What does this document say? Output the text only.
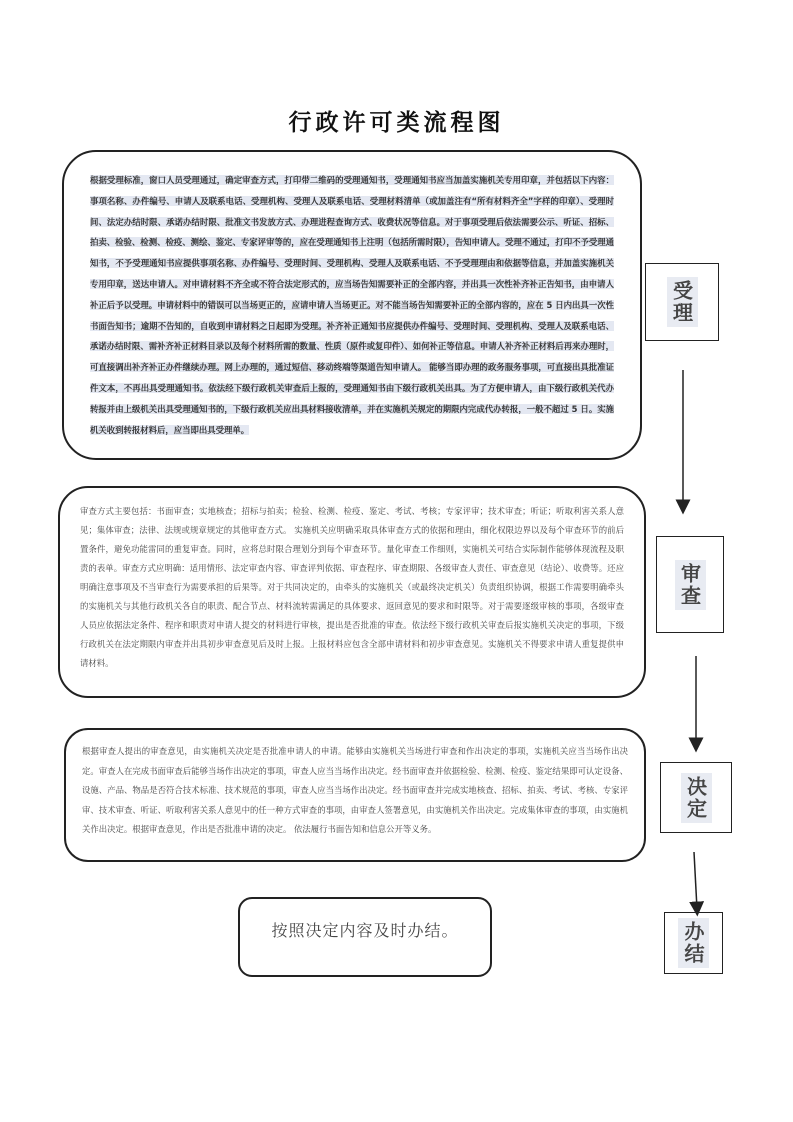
行政许可类流程图
根据受理标准，窗口人员受理通过，确定审查方式，打印带二维码的受理通知书，受理通知书应当加盖实施机关专用印章，并包括以下内容：事项名称、办件编号、申请人及联系电话、受理机构、受理人及联系电话、受理材料清单（或加盖注有“所有材料齐全”字样的印章）、受理时间、法定办结时限、承诺办结时限、批准文书发放方式、办理进程查询方式、收费状况等信息。对于事项受理后依法需要公示、听证、招标、拍卖、检验、检测、检疫、测绘、鉴定、专家评审等的，应在受理通知书上注明（包括所需时限），告知申请人。受理不通过，打印不予受理通知书，不予受理通知书应提供事项名称、办件编号、受理时间、受理机构、受理人及联系电话、不予受理理由和依据等信息，并加盖实施机关专用印章，送达申请人。对申请材料不齐全或不符合法定形式的，应当场告知需要补正的全部内容，并出具一次性补齐补正告知书，由申请人补正后予以受理。申请材料中的错误可以当场更正的，应请申请人当场更正。对不能当场告知需要补正的全部内容的，应在 5 日内出具一次性书面告知书；逾期不告知的，自收到申请材料之日起即为受理。补齐补正通知书应提供办件编号、受理时间、受理机构、受理人及联系电话、承诺办结时限、需补齐补正材料目录以及每个材料所需的数量、性质（原件或复印件）、如何补正等信息。申请人补齐补正材料后再来办理时，可直接调出补齐补正办件继续办理。网上办理的，通过短信、移动终端等渠道告知申请人。 能够当即办理的政务服务事项，可直接出具批准证件文本，不再出具受理通知书。依法经下级行政机关审查后上报的，受理通知书由下级行政机关出具。为了方便申请人，由下级行政机关代办转报并由上级机关出具受理通知书的，下级行政机关应出具材料接收清单，并在实施机关规定的期限内完成代办转报，一般不超过 5 日。实施机关收到转报材料后，应当即出具受理单。
审查方式主要包括：书面审查；实地核查；招标与拍卖；检验、检测、检疫、鉴定、考试、考核；专家评审；技术审查；听证；听取利害关系人意见；集体审查；法律、法规或规章规定的其他审查方式。 实施机关应明确采取具体审查方式的依据和理由，细化权限边界以及每个审查环节的前后置条件，避免功能雷同的重复审查。同时，应将总时限合理划分到每个审查环节。量化审查工作细则，实施机关可结合实际制作能够体现流程及职责的表单。审查方式应明确：适用情形、法定审查内容、审查评判依据、审查程序、审查期限、各级审查人责任、审查意见（结论）、收费等。还应明确注意事项及不当审查行为需要承担的后果等。对于共同决定的，由牵头的实施机关（或最终决定机关）负责组织协调，根据工作需要明确牵头的实施机关与其他行政机关各自的职责、配合节点、材料流转需满足的具体要求、返回意见的要求和时限等。对于需要逐级审核的事项，各级审查人员应依据法定条件、程序和职责对申请人提交的材料进行审核，提出是否批准的审查。依法经下级行政机关审查后报实施机关决定的事项，下级行政机关在法定期限内审查并出具初步审查意见后及时上报。上报材料应包含全部申请材料和初步审查意见。实施机关不得要求申请人重复提供申请材料。
根据审查人提出的审查意见，由实施机关决定是否批准申请人的申请。能够由实施机关当场进行审查和作出决定的事项，实施机关应当当场作出决定。审查人在完成书面审查后能够当场作出决定的事项，审查人应当当场作出决定。经书面审查并依据检验、检测、检疫、鉴定结果即可认定设备、设施、产品、物品是否符合技术标准、技术规范的事项，审查人应当当场作出决定。经书面审查并完成实地核查、招标、拍卖、考试、考核、专家评审、技术审查、听证、听取利害关系人意见中的任一种方式审查的事项，由审查人签署意见，由实施机关作出决定。完成集体审查的事项，由实施机关作出决定。根据审查意见，作出是否批准申请的决定。 依法履行书面告知和信息公开等义务。
按照决定内容及时办结。
受理
审查
决定
办结
